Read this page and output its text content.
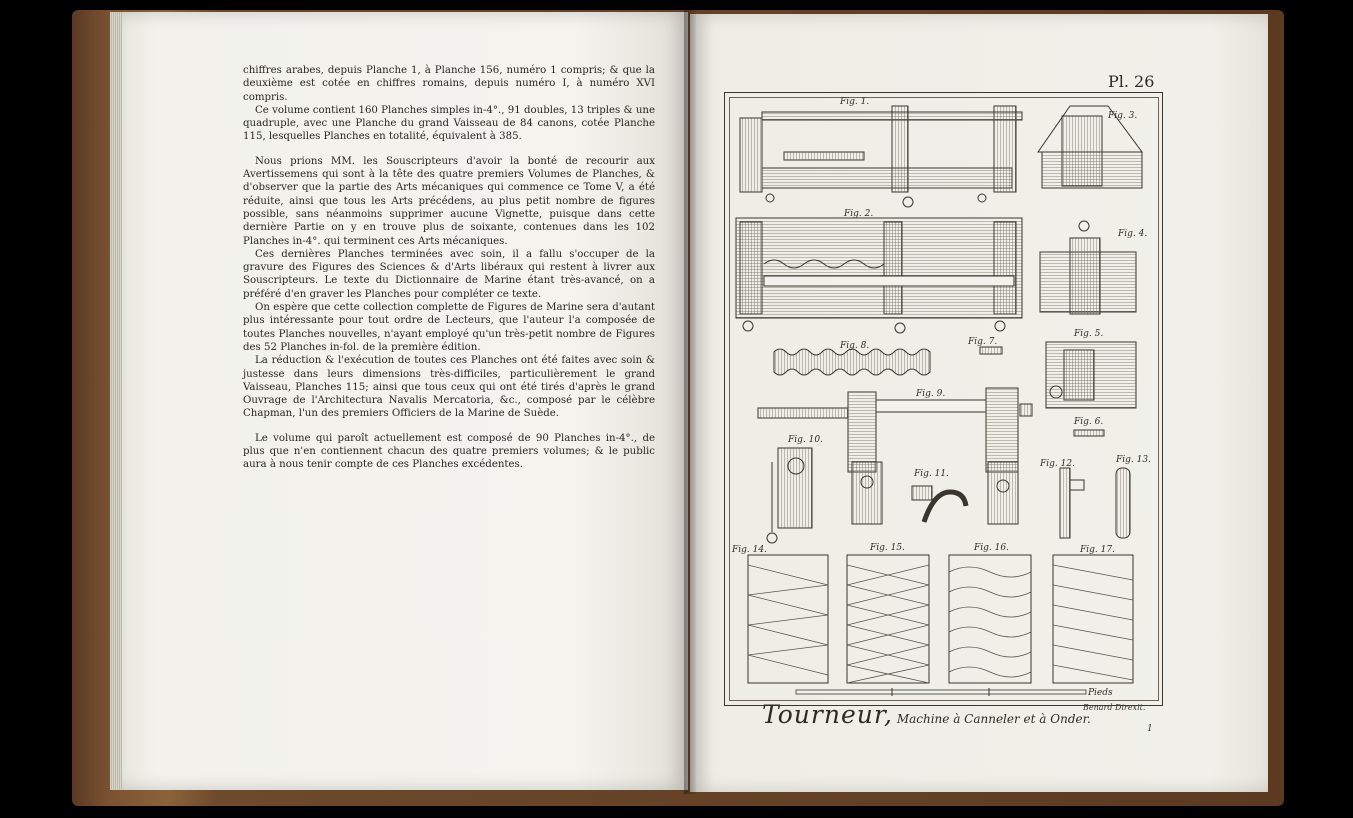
chiffres arabes, depuis Planche 1, à Planche 156, numéro 1 compris; & que la deuxième est cotée en chiffres romains, depuis numéro I, à numéro XVI compris.

Ce volume contient 160 Planches simples in-4°., 91 doubles, 13 triples & une quadruple, avec une Planche du grand Vaisseau de 84 canons, cotée Planche 115, lesquelles Planches en totalité, équivalent à 385.

Nous prions MM. les Souscripteurs d'avoir la bonté de recourir aux Avertissemens qui sont à la tête des quatre premiers Volumes de Planches, & d'observer que la partie des Arts mécaniques qui commence ce Tome V, a été réduite, ainsi que tous les Arts précédens, au plus petit nombre de figures possible, sans néanmoins supprimer aucune Vignette, puisque dans cette dernière Partie on y en trouve plus de soixante, contenues dans les 102 Planches in-4°. qui terminent ces Arts mécaniques.

Ces dernières Planches terminées avec soin, il a fallu s'occuper de la gravure des Figures des Sciences & d'Arts libéraux qui restent à livrer aux Souscripteurs. Le texte du Dictionnaire de Marine étant très-avancé, on a préféré d'en graver les Planches pour compléter ce texte.

On espère que cette collection complette de Figures de Marine sera d'autant plus intéressante pour tout ordre de Lecteurs, que l'auteur l'a composée de toutes Planches nouvelles, n'ayant employé qu'un très-petit nombre de Figures des 52 Planches in-fol. de la première édition.

La réduction & l'exécution de toutes ces Planches ont été faites avec soin & justesse dans leurs dimensions très-difficiles, particulièrement le grand Vaisseau, Planches 115; ainsi que tous ceux qui ont été tirés d'après le grand Ouvrage de l'Architectura Navalis Mercatoria, &c., composé par le célèbre Chapman, l'un des premiers Officiers de la Marine de Suède.

Le volume qui paroît actuellement est composé de 90 Planches in-4°., de plus que n'en contiennent chacun des quatre premiers volumes; & le public aura à nous tenir compte de ces Planches excédentes.

Pl. 26
Pieds
Fig. 1.
Fig. 2.
Fig. 3.
Fig. 4.
Fig. 5.
Fig. 6.
Fig. 7.
Fig. 8.
Fig. 9.
Fig. 10.
Fig. 11.
Fig. 12.	Fig. 13.
Fig. 14.	Fig. 15.	Fig. 16.	Fig. 17.
Tourneur, Machine à Canneler et à Onder.
Benard Direxit.
1
